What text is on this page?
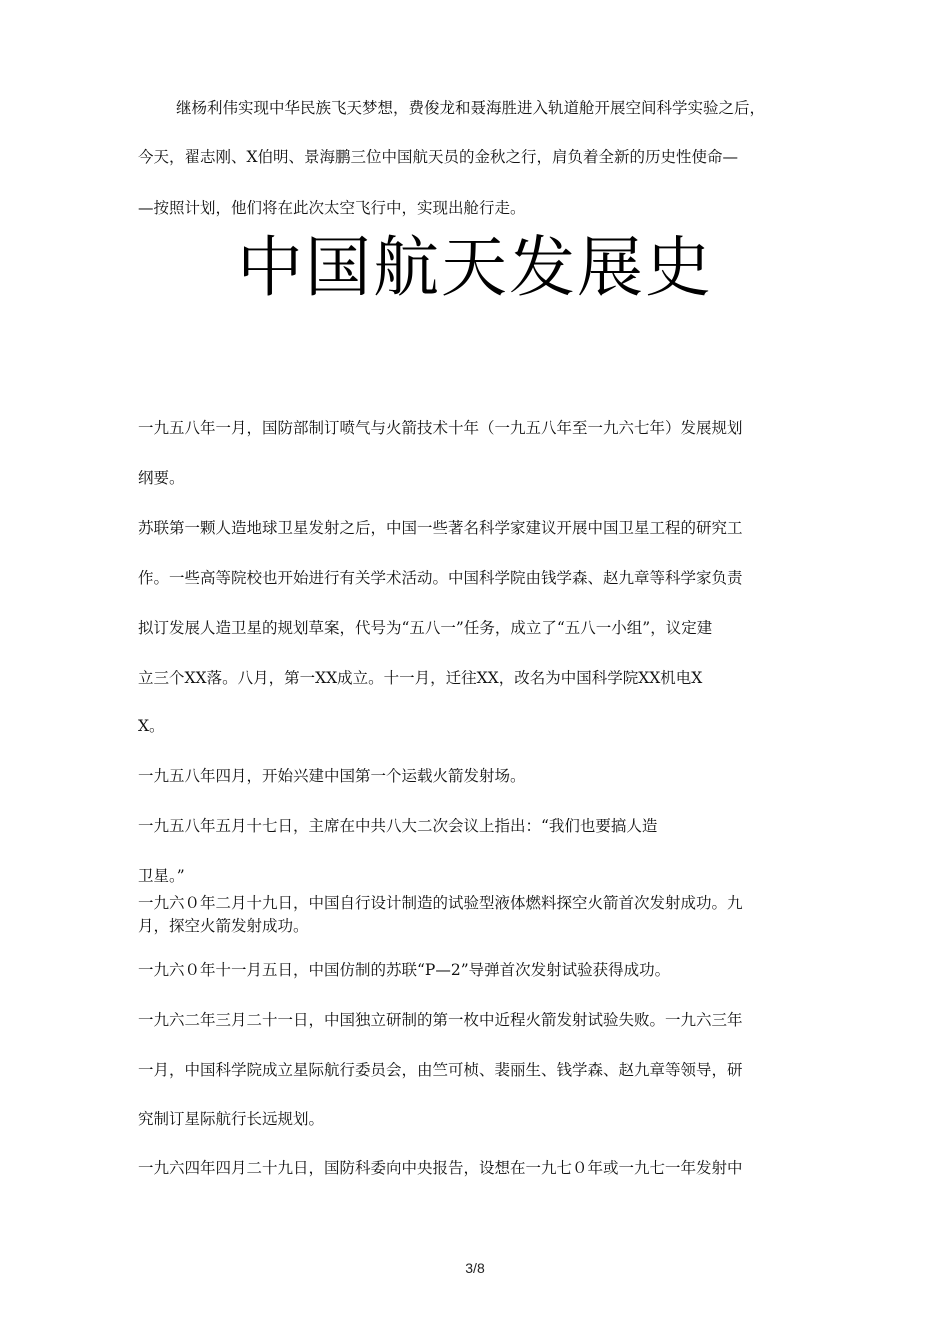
继杨利伟实现中华民族飞天梦想，费俊龙和聂海胜进入轨道舱开展空间科学实验之后，
今天，翟志刚、X伯明、景海鹏三位中国航天员的金秋之行，肩负着全新的历史性使命—
—按照计划，他们将在此次太空飞行中，实现出舱行走。
中国航天发展史
一九五八年一月，国防部制订喷气与火箭技术十年（一九五八年至一九六七年）发展规划
纲要。
苏联第一颗人造地球卫星发射之后，中国一些著名科学家建议开展中国卫星工程的研究工
作。一些高等院校也开始进行有关学术活动。中国科学院由钱学森、赵九章等科学家负责
拟订发展人造卫星的规划草案，代号为“五八一”任务，成立了“五八一小组”，议定建
立三个XX落。八月，第一XX成立。十一月，迁往XX，改名为中国科学院XX机电X
X。
一九五八年四月，开始兴建中国第一个运载火箭发射场。
一九五八年五月十七日，主席在中共八大二次会议上指出：“我们也要搞人造
卫星。”
一九六０年二月十九日，中国自行设计制造的试验型液体燃料探空火箭首次发射成功。九
月，探空火箭发射成功。
一九六０年十一月五日，中国仿制的苏联“P—2”导弹首次发射试验获得成功。
一九六二年三月二十一日，中国独立研制的第一枚中近程火箭发射试验失败。一九六三年
一月，中国科学院成立星际航行委员会，由竺可桢、裴丽生、钱学森、赵九章等领导，研
究制订星际航行长远规划。
一九六四年四月二十九日，国防科委向中央报告，设想在一九七０年或一九七一年发射中
3/8
